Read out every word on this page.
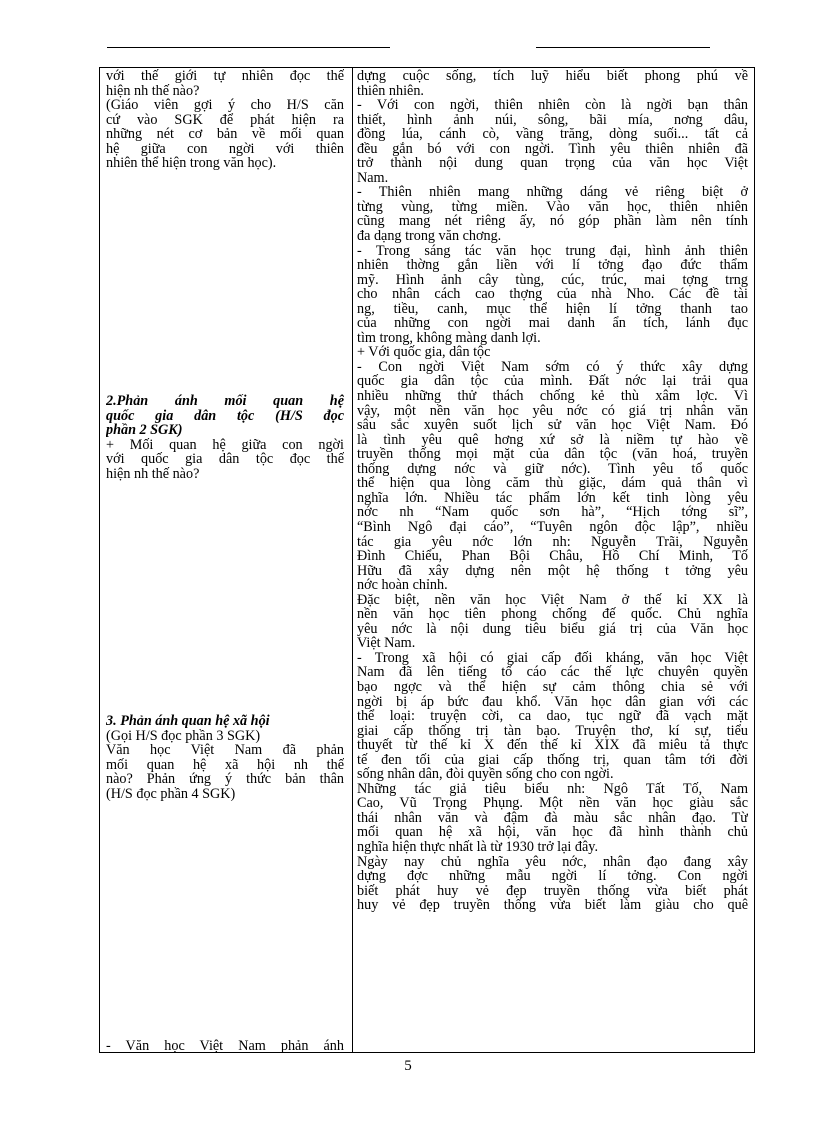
với thế giới tự nhiên đọc thế
hiện nh thế nào?
(Giáo viên gợi ý cho H/S căn
cứ vào SGK để phát hiện ra
những nét cơ bản về mối quan
hệ giữa con ngời với thiên
nhiên thể hiện trong văn học).
2.Phản ánh mối quan hệ
quốc gia dân tộc (H/S đọc
phần 2 SGK)
+ Mối quan hệ giữa con ngời
với quốc gia dân tộc đọc thế
hiện nh thế nào?
3. Phản ánh quan hệ xã hội
(Gọi H/S đọc phần 3 SGK)
Văn học Việt Nam đã phản
mối quan hệ xã hội nh thế
nào? Phản ứng ý thức bản thân
(H/S đọc phần 4 SGK)
- Văn học Việt Nam phản ánh
dựng cuộc sống, tích luỹ hiểu biết phong phú về
thiên nhiên.
- Với con ngời, thiên nhiên còn là ngời bạn thân
thiết, hình ảnh núi, sông, bãi mía, nơng dâu,
đồng lúa, cánh cò, vầng trăng, dòng suối... tất cả
đều gắn bó với con ngời. Tình yêu thiên nhiên đã
trở thành nội dung quan trọng của văn học Việt
Nam.
- Thiên nhiên mang những dáng vẻ riêng biệt ở
từng vùng, từng miền. Vào văn học, thiên nhiên
cũng mang nét riêng ấy, nó góp phần làm nên tính
đa dạng trong văn chơng.
- Trong sáng tác văn học trung đại, hình ảnh thiên
nhiên thờng gắn liền với lí tởng đạo đức thẩm
mỹ. Hình ảnh cây tùng, cúc, trúc, mai tợng trng
cho nhân cách cao thợng của nhà Nho. Các đề tài
ng, tiều, canh, mục thể hiện lí tởng thanh tao
của những con ngời mai danh ẩn tích, lánh đục
tìm trong, không màng danh lợi.
+ Với quốc gia, dân tộc
- Con ngời Việt Nam sớm có ý thức xây dựng
quốc gia dân tộc của mình. Đất nớc lại trải qua
nhiều những thử thách chống kẻ thù xâm lợc. Vì
vậy, một nền văn học yêu nớc có giá trị nhân văn
sâu sắc xuyên suốt lịch sử văn học Việt Nam. Đó
là tình yêu quê hơng xứ sở là niềm tự hào về
truyền thống mọi mặt của dân tộc (văn hoá, truyền
thống dựng nớc và giữ nớc). Tình yêu tổ quốc
thể hiện qua lòng căm thù giặc, dám quả thân vì
nghĩa lớn. Nhiều tác phẩm lớn kết tinh lòng yêu
nớc nh “Nam quốc sơn hà”, “Hịch tớng sĩ”,
“Bình Ngô đại cáo”, “Tuyên ngôn độc lập”, nhiều
tác gia yêu nớc lớn nh: Nguyễn Trãi, Nguyễn
Đình Chiểu, Phan Bội Châu, Hồ Chí Minh, Tố
Hữu đã xây dựng nên một hệ thống t tởng yêu
nớc hoàn chỉnh.
Đặc biệt, nền văn học Việt Nam ở thế kỉ XX là
nền văn học tiên phong chống đế quốc. Chủ nghĩa
yêu nớc là nội dung tiêu biểu giá trị của Văn học
Việt Nam.
- Trong xã hội có giai cấp đối kháng, văn học Việt
Nam đã lên tiếng tố cáo các thế lực chuyên quyền
bạo ngợc và thể hiện sự cảm thông chia sẻ với
ngời bị áp bức đau khổ. Văn học dân gian với các
thể loại: truyện cời, ca dao, tục ngữ đã vạch mặt
giai cấp thống trị tàn bạo. Truyện thơ, kí sự, tiểu
thuyết từ thế kỉ X đến thế kỉ XIX đã miêu tả thực
tế đen tối của giai cấp thống trị, quan tâm tới đời
sống nhân dân, đòi quyền sống cho con ngời.
Những tác giả tiêu biểu nh: Ngô Tất Tố, Nam
Cao, Vũ Trọng Phụng. Một nền văn học giàu sắc
thái nhân văn và đậm đà màu sắc nhân đạo. Từ
mối quan hệ xã hội, văn học đã hình thành chủ
nghĩa hiện thực nhất là từ 1930 trở lại đây.
Ngày nay chủ nghĩa yêu nớc, nhân đạo đang xây
dựng đợc những mẫu ngời lí tởng. Con ngời
biết phát huy vẻ đẹp truyền thống vừa biết phát
huy vẻ đẹp truyền thống vừa biết làm giàu cho quê
5
